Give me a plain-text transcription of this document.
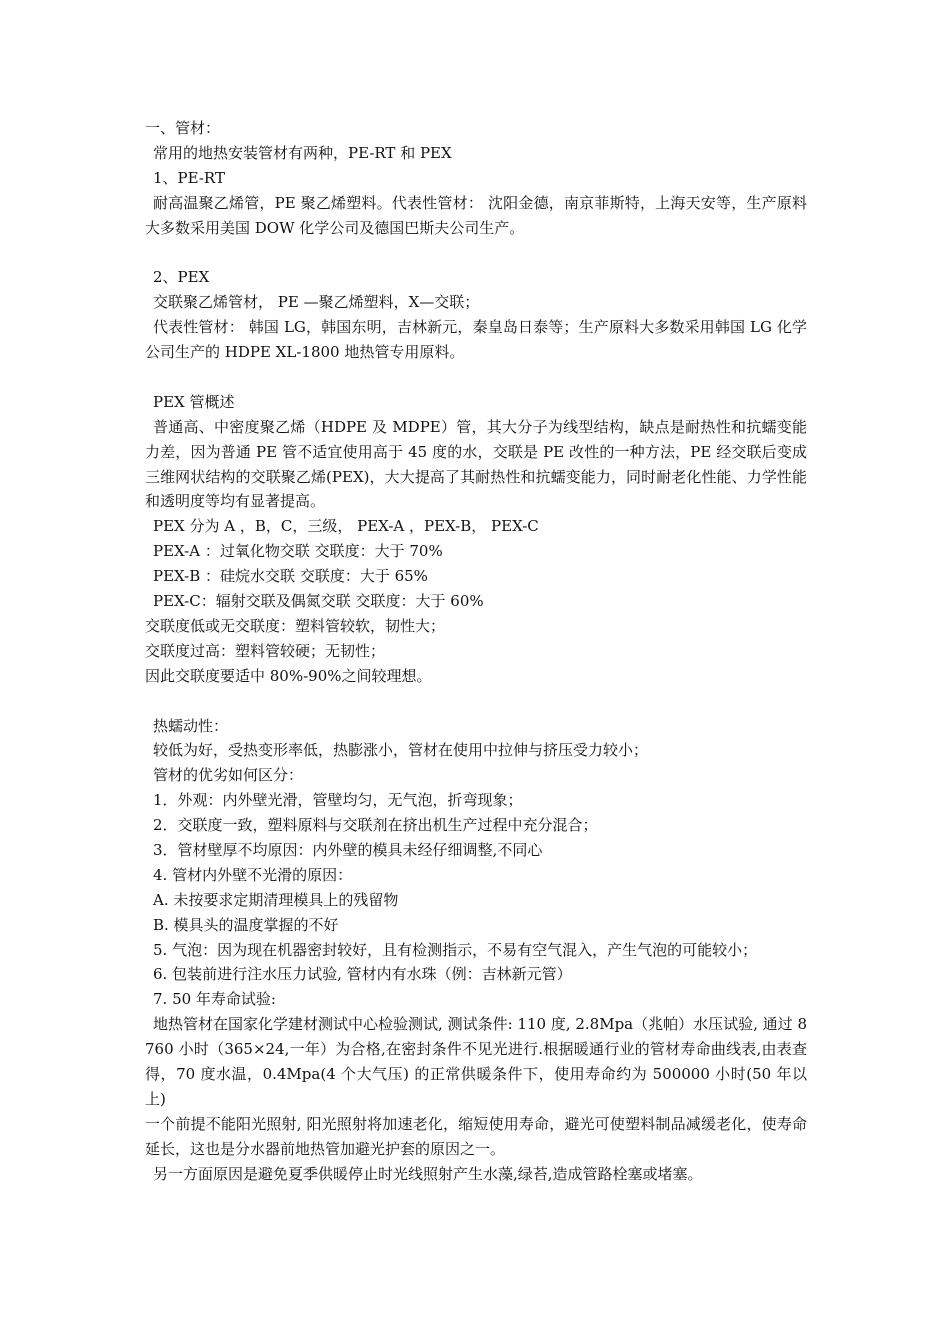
一、管材：
常用的地热安装管材有两种，PE-RT 和 PEX
1、PE-RT
耐高温聚乙烯管，PE 聚乙烯塑料。代表性管材： 沈阳金德，南京菲斯特，上海天安等，生产原料大多数采用美国 DOW 化学公司及德国巴斯夫公司生产。
2、PEX
交联聚乙烯管材， PE —聚乙烯塑料，X—交联；
代表性管材： 韩国 LG，韩国东明，吉林新元，秦皇岛日泰等；生产原料大多数采用韩国 LG 化学公司生产的 HDPE XL-1800 地热管专用原料。
PEX 管概述
普通高、中密度聚乙烯（HDPE 及 MDPE）管，其大分子为线型结构，缺点是耐热性和抗蠕变能力差，因为普通 PE 管不适宜使用高于 45 度的水，交联是 PE 改性的一种方法，PE 经交联后变成三维网状结构的交联聚乙烯(PEX)，大大提高了其耐热性和抗蠕变能力，同时耐老化性能、力学性能和透明度等均有显著提高。
PEX 分为 A ，B，C，三级， PEX-A ，PEX-B， PEX-C
PEX-A ：过氧化物交联 交联度：大于 70%
PEX-B ：硅烷水交联 交联度：大于 65%
PEX-C：辐射交联及偶氮交联 交联度：大于 60%
交联度低或无交联度：塑料管较软，韧性大；
交联度过高：塑料管较硬；无韧性；
因此交联度要适中 80%-90%之间较理想。
热蠕动性：
较低为好，受热变形率低，热膨涨小，管材在使用中拉伸与挤压受力较小；
管材的优劣如何区分：
1．外观：内外壁光滑，管壁均匀，无气泡，折弯现象；
2．交联度一致，塑料原料与交联剂在挤出机生产过程中充分混合；
3．管材壁厚不均原因：内外壁的模具未经仔细调整,不同心
4. 管材内外壁不光滑的原因：
A. 未按要求定期清理模具上的残留物
B. 模具头的温度掌握的不好
5. 气泡：因为现在机器密封较好，且有检测指示，不易有空气混入，产生气泡的可能较小；
6. 包装前进行注水压力试验, 管材内有水珠（例：吉林新元管）
7. 50 年寿命试验:
地热管材在国家化学建材测试中心检验测试, 测试条件: 110 度, 2.8Mpa（兆帕）水压试验, 通过 8760 小时（365×24,一年）为合格,在密封条件不见光进行.根据暖通行业的管材寿命曲线表,由表查得，70 度水温，0.4Mpa(4 个大气压) 的正常供暖条件下，使用寿命约为 500000 小时(50 年以上)
一个前提不能阳光照射, 阳光照射将加速老化，缩短使用寿命，避光可使塑料制品减缓老化，使寿命延长，这也是分水器前地热管加避光护套的原因之一。
另一方面原因是避免夏季供暖停止时光线照射产生水藻,绿苔,造成管路栓塞或堵塞。
